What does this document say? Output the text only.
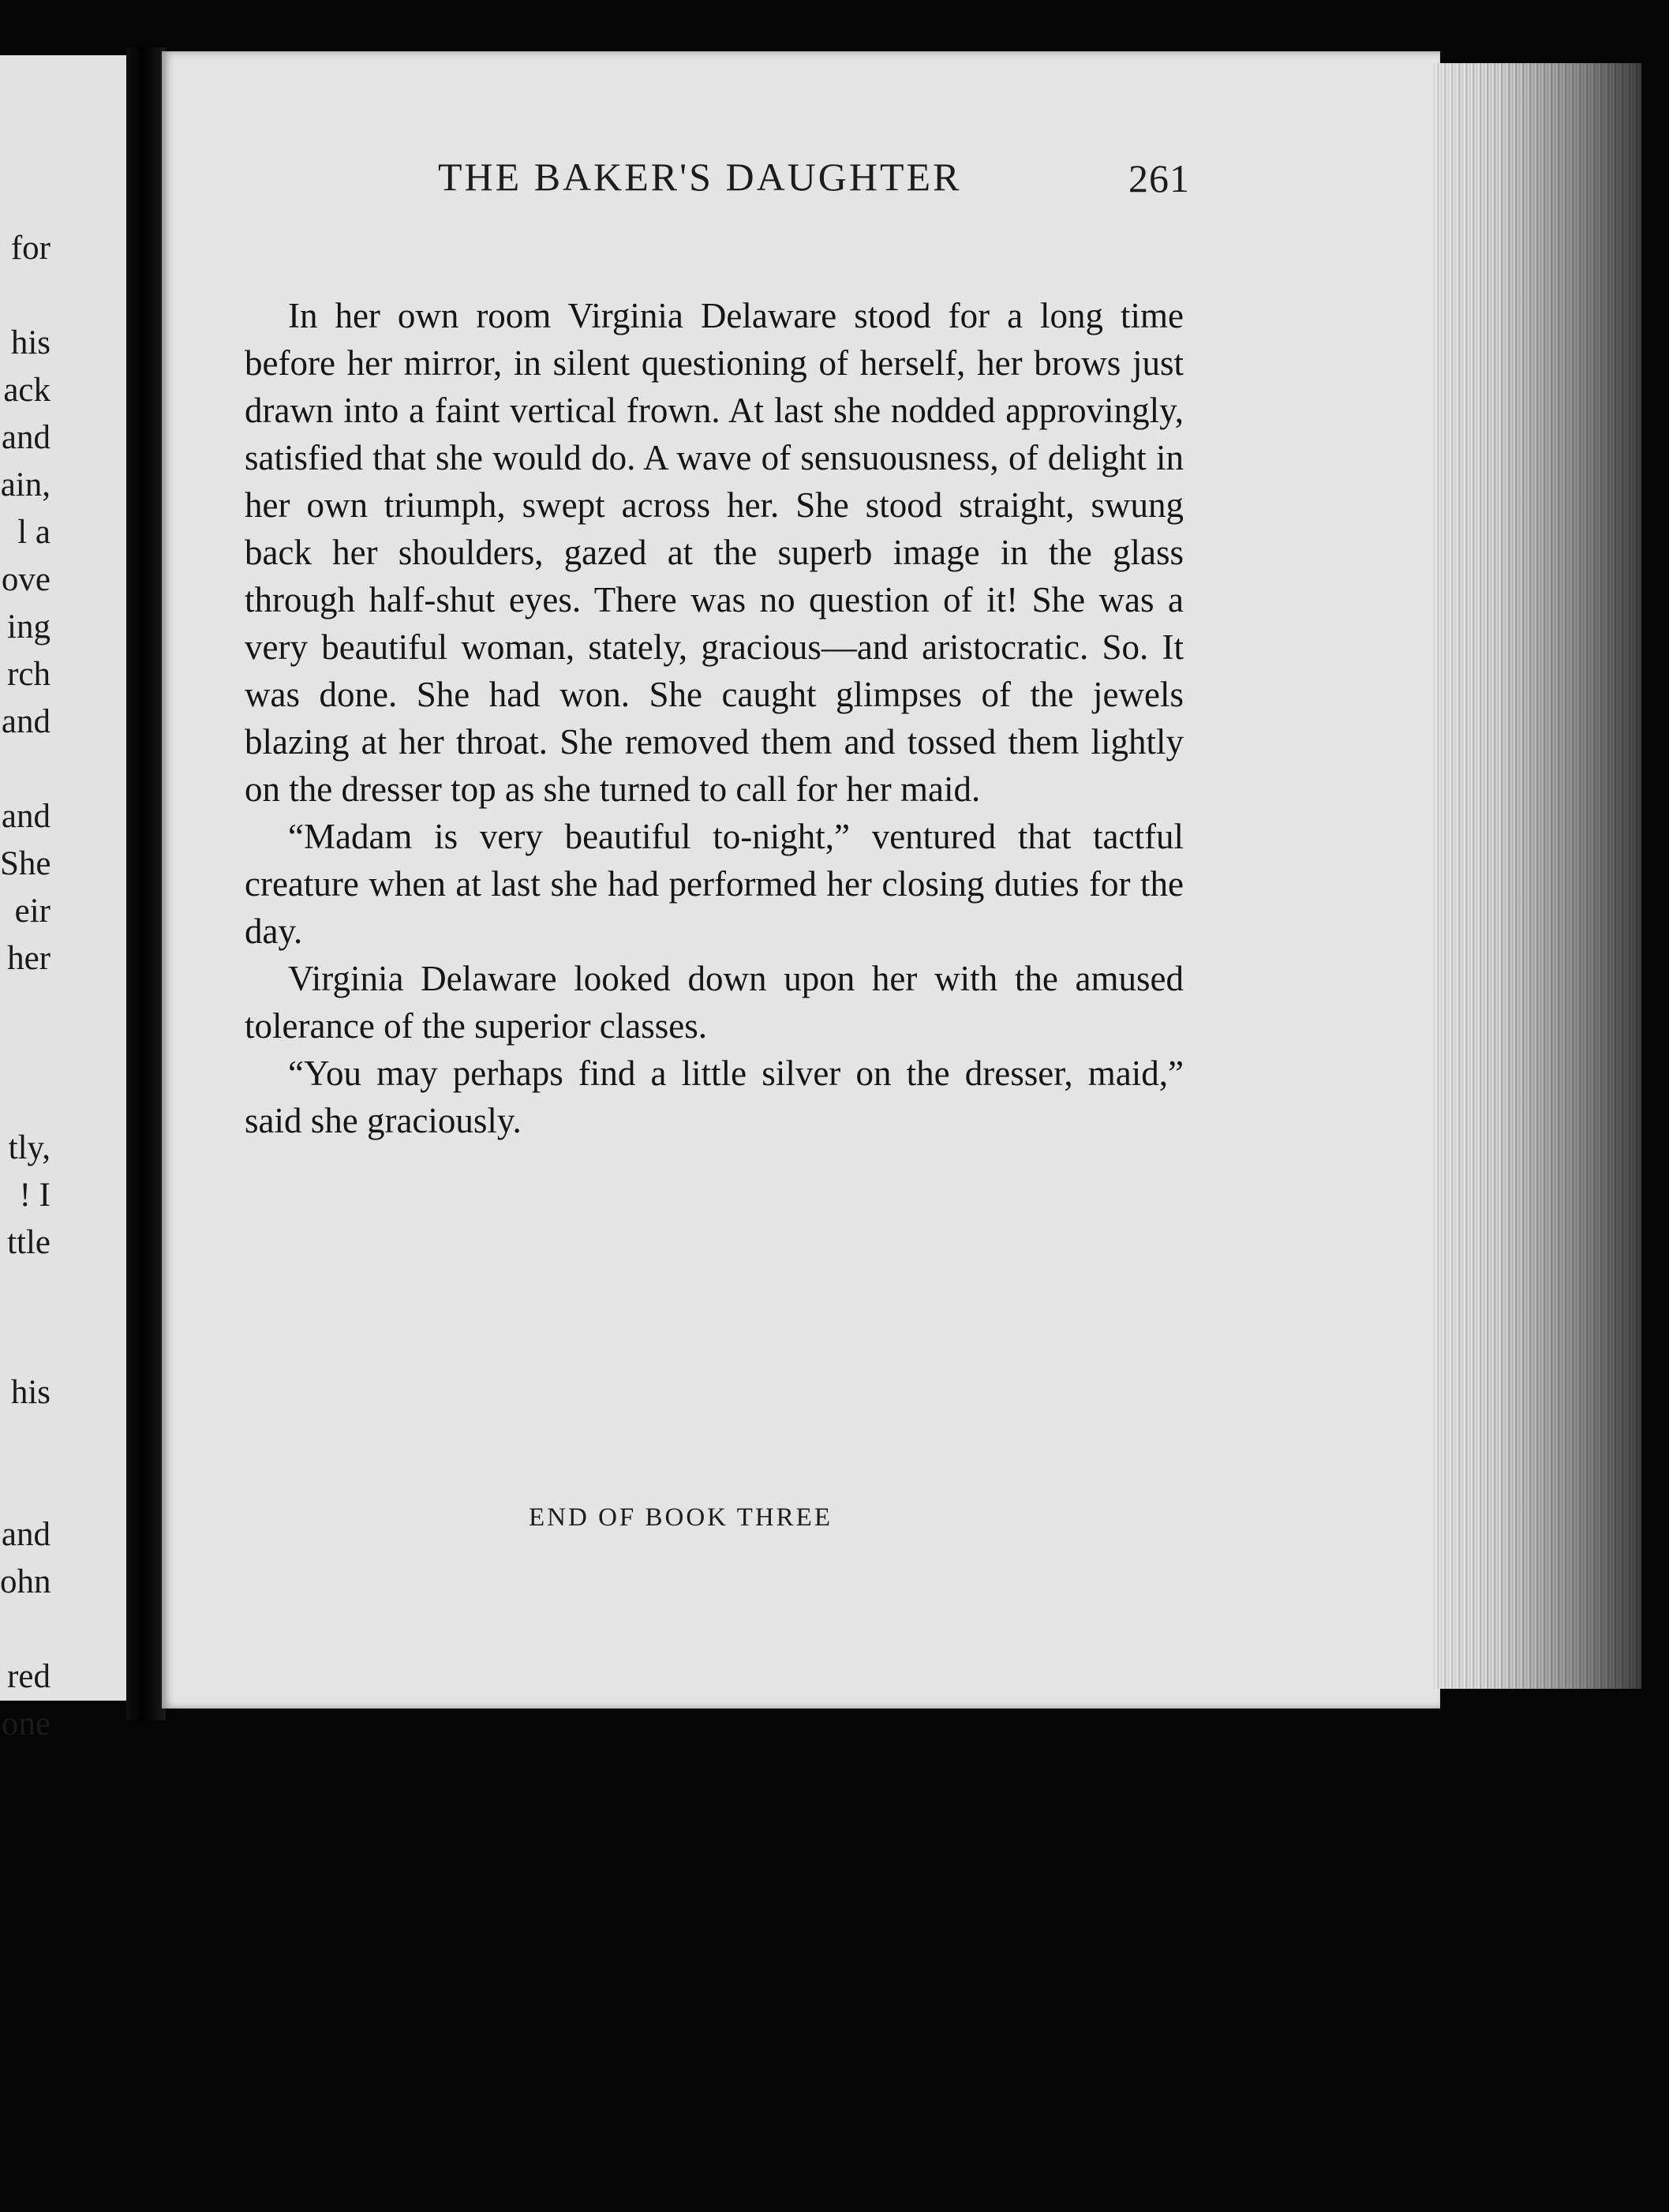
for
his
ack
and
ain,
l a
ove
ing
rch
and
and
She
eir
her
tly,
! I
ttle
his
and
ohn
red
one
THE BAKER'S DAUGHTER	261

In her own room Virginia Delaware stood for a long time before her mirror, in silent questioning of herself, her brows just drawn into a faint vertical frown. At last she nodded approvingly, satisfied that she would do. A wave of sensuousness, of delight in her own triumph, swept across her. She stood straight, swung back her shoulders, gazed at the superb image in the glass through half-shut eyes. There was no question of it! She was a very beautiful woman, stately, gracious—and aristocratic. So. It was done. She had won. She caught glimpses of the jewels blazing at her throat. She removed them and tossed them lightly on the dresser top as she turned to call for her maid.

“Madam is very beautiful to-night,” ventured that tactful creature when at last she had performed her closing duties for the day.

Virginia Delaware looked down upon her with the amused tolerance of the superior classes.

“You may perhaps find a little silver on the dresser, maid,” said she graciously.

END OF BOOK THREE
